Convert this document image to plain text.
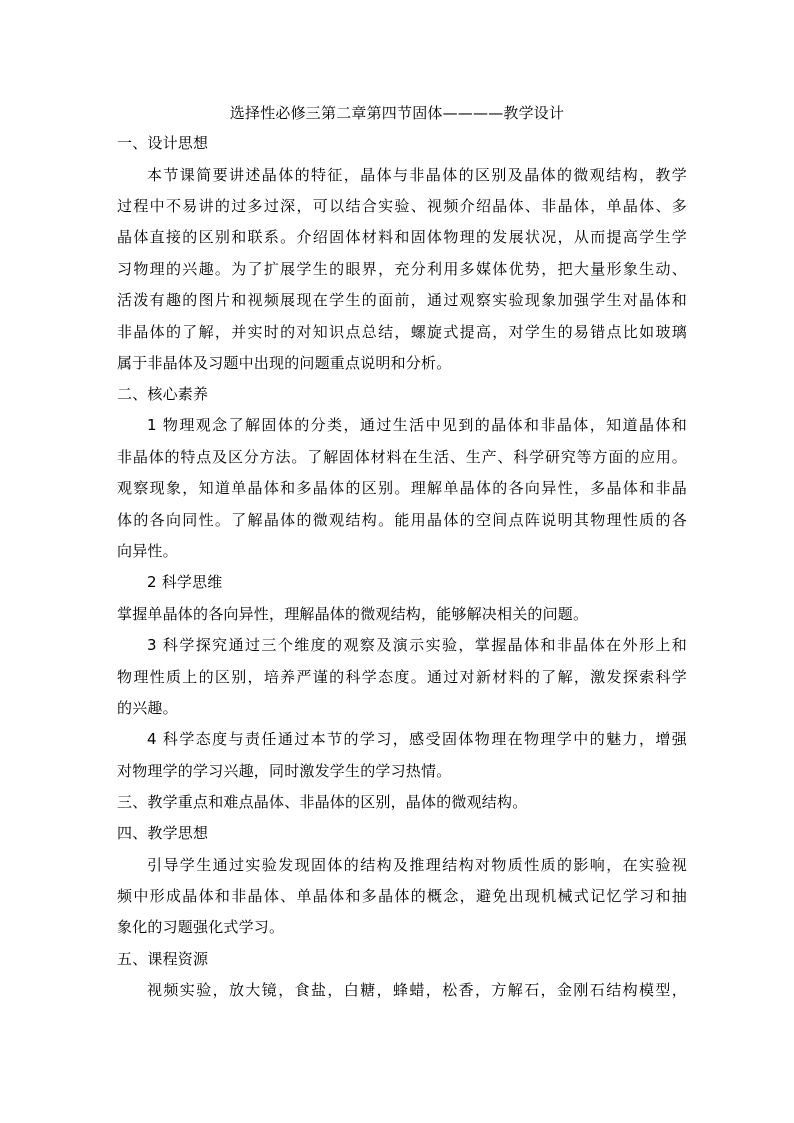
选择性必修三第二章第四节固体————教学设计
一、设计思想
本节课简要讲述晶体的特征，晶体与非晶体的区别及晶体的微观结构，教学
过程中不易讲的过多过深，可以结合实验、视频介绍晶体、非晶体，单晶体、多
晶体直接的区别和联系。介绍固体材料和固体物理的发展状况，从而提高学生学
习物理的兴趣。为了扩展学生的眼界，充分利用多媒体优势，把大量形象生动、
活泼有趣的图片和视频展现在学生的面前，通过观察实验现象加强学生对晶体和
非晶体的了解，并实时的对知识点总结，螺旋式提高，对学生的易错点比如玻璃
属于非晶体及习题中出现的问题重点说明和分析。
二、核心素养
1 物理观念了解固体的分类，通过生活中见到的晶体和非晶体，知道晶体和
非晶体的特点及区分方法。了解固体材料在生活、生产、科学研究等方面的应用。
观察现象，知道单晶体和多晶体的区别。理解单晶体的各向异性，多晶体和非晶
体的各向同性。了解晶体的微观结构。能用晶体的空间点阵说明其物理性质的各
向异性。
2 科学思维
掌握单晶体的各向异性，理解晶体的微观结构，能够解决相关的问题。
3 科学探究通过三个维度的观察及演示实验，掌握晶体和非晶体在外形上和
物理性质上的区别，培养严谨的科学态度。通过对新材料的了解，激发探索科学
的兴趣。
4 科学态度与责任通过本节的学习，感受固体物理在物理学中的魅力，增强
对物理学的学习兴趣，同时激发学生的学习热情。
三、教学重点和难点晶体、非晶体的区别，晶体的微观结构。
四、教学思想
引导学生通过实验发现固体的结构及推理结构对物质性质的影响，在实验视
频中形成晶体和非晶体、单晶体和多晶体的概念，避免出现机械式记忆学习和抽
象化的习题强化式学习。
五、课程资源
视频实验，放大镜，食盐，白糖，蜂蜡，松香，方解石，金刚石结构模型，
